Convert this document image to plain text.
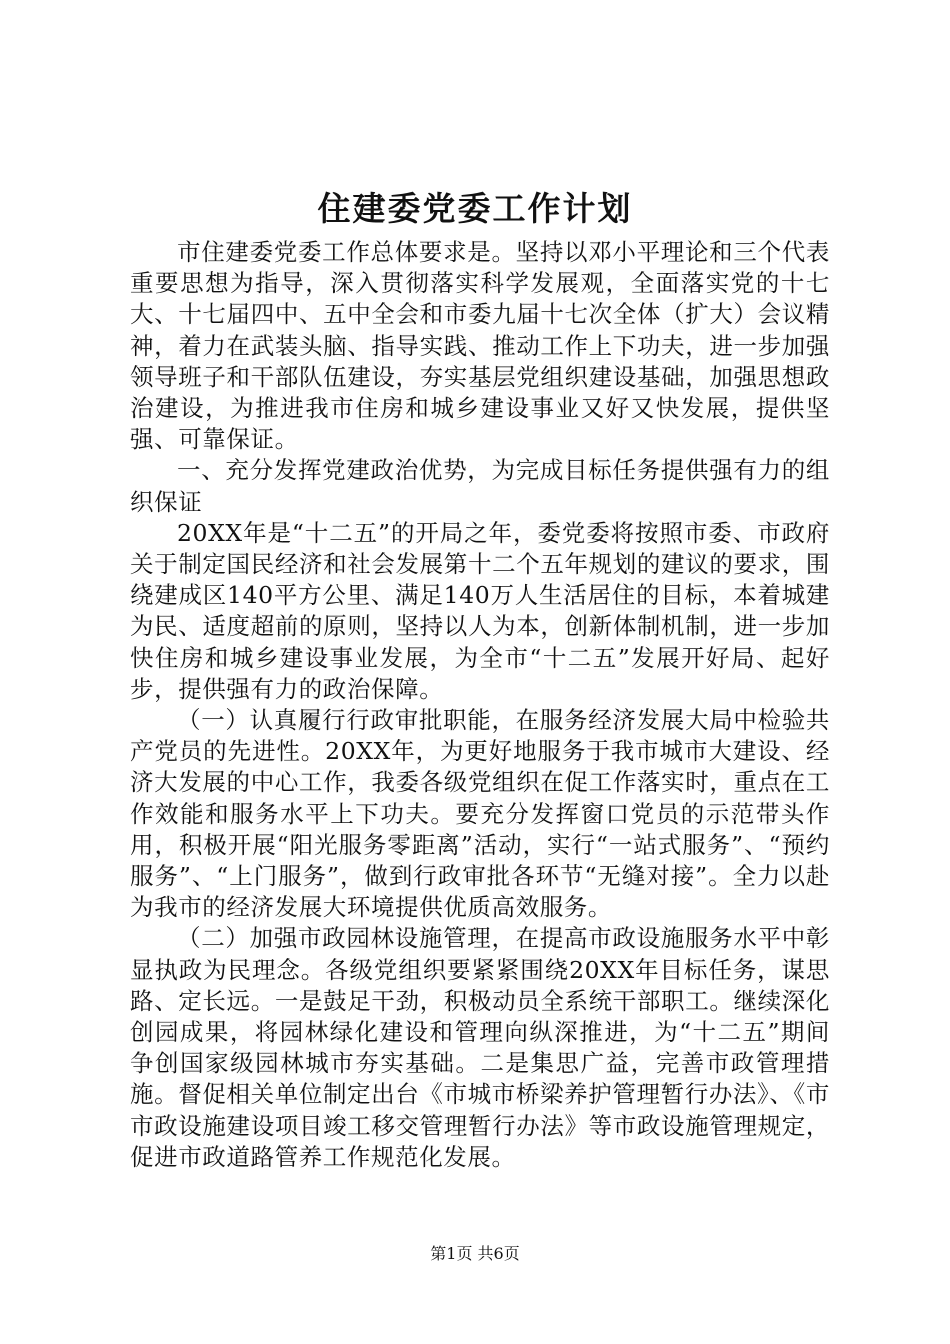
住建委党委工作计划

市住建委党委工作总体要求是。坚持以邓小平理论和三个代表重要思想为指导，深入贯彻落实科学发展观，全面落实党的十七大、十七届四中、五中全会和市委九届十七次全体（扩大）会议精神，着力在武装头脑、指导实践、推动工作上下功夫，进一步加强领导班子和干部队伍建设，夯实基层党组织建设基础，加强思想政治建设，为推进我市住房和城乡建设事业又好又快发展，提供坚强、可靠保证。

一、充分发挥党建政治优势，为完成目标任务提供强有力的组织保证

20XX年是“十二五”的开局之年，委党委将按照市委、市政府关于制定国民经济和社会发展第十二个五年规划的建议的要求，围绕建成区140平方公里、满足140万人生活居住的目标，本着城建为民、适度超前的原则，坚持以人为本，创新体制机制，进一步加快住房和城乡建设事业发展，为全市“十二五”发展开好局、起好步，提供强有力的政治保障。

（一）认真履行行政审批职能，在服务经济发展大局中检验共产党员的先进性。20XX年，为更好地服务于我市城市大建设、经济大发展的中心工作，我委各级党组织在促工作落实时，重点在工作效能和服务水平上下功夫。要充分发挥窗口党员的示范带头作用，积极开展“阳光服务零距离”活动，实行“一站式服务”、“预约服务”、“上门服务”，做到行政审批各环节“无缝对接”。全力以赴为我市的经济发展大环境提供优质高效服务。

（二）加强市政园林设施管理，在提高市政设施服务水平中彰显执政为民理念。各级党组织要紧紧围绕20XX年目标任务，谋思路、定长远。一是鼓足干劲，积极动员全系统干部职工。继续深化创园成果，将园林绿化建设和管理向纵深推进，为“十二五”期间争创国家级园林城市夯实基础。二是集思广益，完善市政管理措施。督促相关单位制定出台《市城市桥梁养护管理暂行办法》、《市市政设施建设项目竣工移交管理暂行办法》等市政设施管理规定，促进市政道路管养工作规范化发展。

第1页 共6页
